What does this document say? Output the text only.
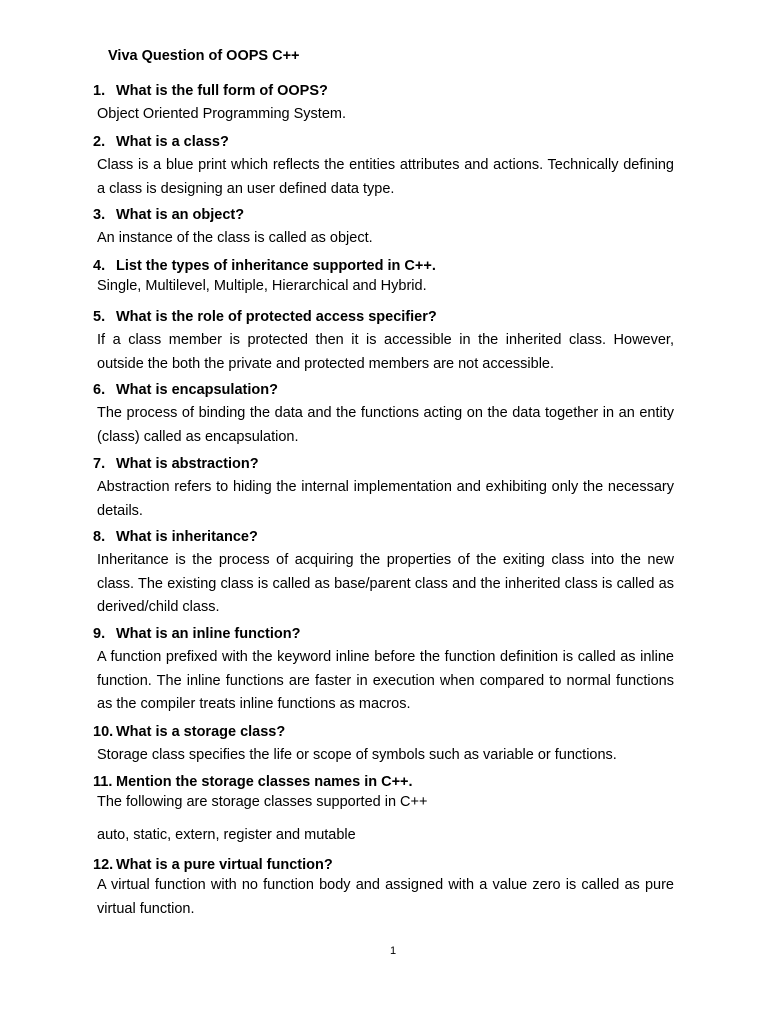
Viva Question of OOPS C++
1. What is the full form of OOPS?
Object Oriented Programming System.
2. What is a class?
Class is a blue print which reflects the entities attributes and actions. Technically defining a class is designing an user defined data type.
3. What is an object?
An instance of the class is called as object.
4. List the types of inheritance supported in C++.
Single, Multilevel, Multiple, Hierarchical and Hybrid.
5. What is the role of protected access specifier?
If a class member is protected then it is accessible in the inherited class. However, outside the both the private and protected members are not accessible.
6. What is encapsulation?
The process of binding the data and the functions acting on the data together in an entity (class) called as encapsulation.
7. What is abstraction?
Abstraction refers to hiding the internal implementation and exhibiting only the necessary details.
8. What is inheritance?
Inheritance is the process of acquiring the properties of the exiting class into the new class. The existing class is called as base/parent class and the inherited class is called as derived/child class.
9. What is an inline function?
A function prefixed with the keyword inline before the function definition is called as inline function. The inline functions are faster in execution when compared to normal functions as the compiler treats inline functions as macros.
10. What is a storage class?
Storage class specifies the life or scope of symbols such as variable or functions.
11. Mention the storage classes names in C++.
The following are storage classes supported in C++
auto, static, extern, register and mutable
12. What is a pure virtual function?
A virtual function with no function body and assigned with a value zero is called as pure virtual function.
1
